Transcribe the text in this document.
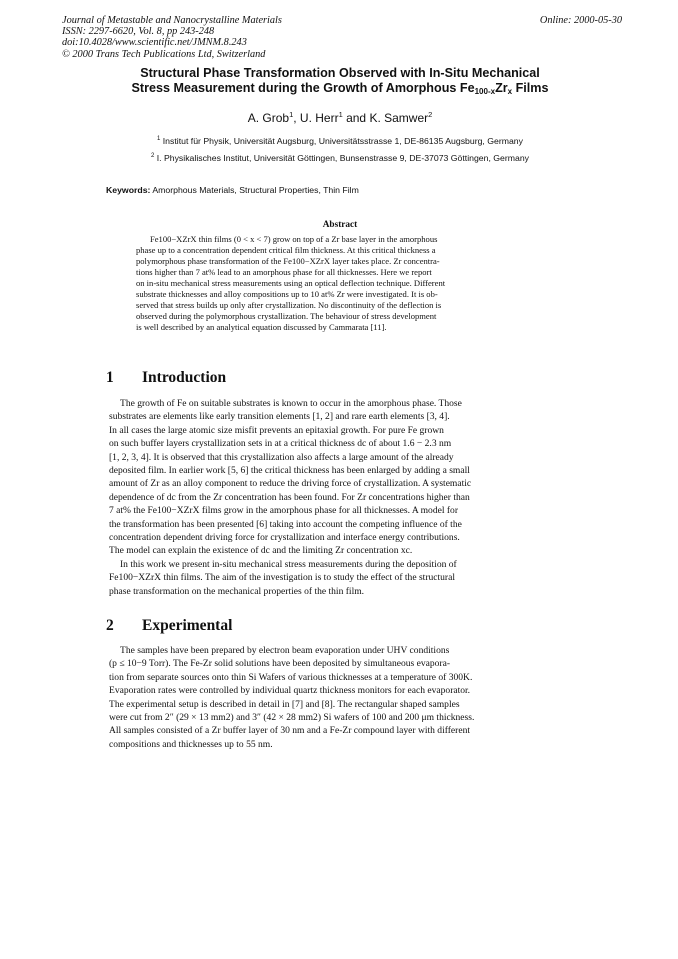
Journal of Metastable and Nanocrystalline Materials
ISSN: 2297-6620, Vol. 8, pp 243-248
doi:10.4028/www.scientific.net/JMNM.8.243
© 2000 Trans Tech Publications Ltd, Switzerland
Online: 2000-05-30
Structural Phase Transformation Observed with In-Situ Mechanical
Stress Measurement during the Growth of Amorphous $Fe_{100-x}Zr_x$ Films
A. Grob$^1$, U. Herr$^1$ and K. Samwer$^2$
$^1$ Institut für Physik, Universität Augsburg, Universitätsstrasse 1, DE-86135 Augsburg, Germany
$^2$ I. Physikalisches Institut, Universität Göttingen, Bunsenstrasse 9, DE-37073 Göttingen, Germany
Keywords: Amorphous Materials, Structural Properties, Thin Film
Abstract
Fe100−XZrX thin films (0 < x < 7) grow on top of a Zr base layer in the amorphous
phase up to a concentration dependent critical film thickness. At this critical thickness a
polymorphous phase transformation of the Fe100−XZrX layer takes place. Zr concentra-
tions higher than 7 at% lead to an amorphous phase for all thicknesses. Here we report
on in-situ mechanical stress measurements using an optical deflection technique. Different
substrate thicknesses and alloy compositions up to 10 at% Zr were investigated. It is ob-
served that stress builds up only after crystallization. No discontinuity of the deflection is
observed during the polymorphous crystallization. The behaviour of stress development
is well described by an analytical equation discussed by Cammarata [11].
1 Introduction
The growth of Fe on suitable substrates is known to occur in the amorphous phase. Those
substrates are elements like early transition elements [1, 2] and rare earth elements [3, 4].
In all cases the large atomic size misfit prevents an epitaxial growth. For pure Fe grown
on such buffer layers crystallization sets in at a critical thickness dc of about 1.6 − 2.3 nm
[1, 2, 3, 4]. It is observed that this crystallization also affects a large amount of the already
deposited film. In earlier work [5, 6] the critical thickness has been enlarged by adding a small
amount of Zr as an alloy component to reduce the driving force of crystallization. A systematic
dependence of dc from the Zr concentration has been found. For Zr concentrations higher than
7 at% the Fe100−XZrX films grow in the amorphous phase for all thicknesses. A model for
the transformation has been presented [6] taking into account the competing influence of the
concentration dependent driving force for crystallization and interface energy contributions.
The model can explain the existence of dc and the limiting Zr concentration xc.
In this work we present in-situ mechanical stress measurements during the deposition of
Fe100−XZrX thin films. The aim of the investigation is to study the effect of the structural
phase transformation on the mechanical properties of the thin film.
2 Experimental
The samples have been prepared by electron beam evaporation under UHV conditions
(p ≤ 10−9 Torr). The Fe-Zr solid solutions have been deposited by simultaneous evapora-
tion from separate sources onto thin Si Wafers of various thicknesses at a temperature of 300K.
Evaporation rates were controlled by individual quartz thickness monitors for each evaporator.
The experimental setup is described in detail in [7] and [8]. The rectangular shaped samples
were cut from 2″ (29 × 13 mm2) and 3″ (42 × 28 mm2) Si wafers of 100 and 200 μm thickness.
All samples consisted of a Zr buffer layer of 30 nm and a Fe-Zr compound layer with different
compositions and thicknesses up to 55 nm.
